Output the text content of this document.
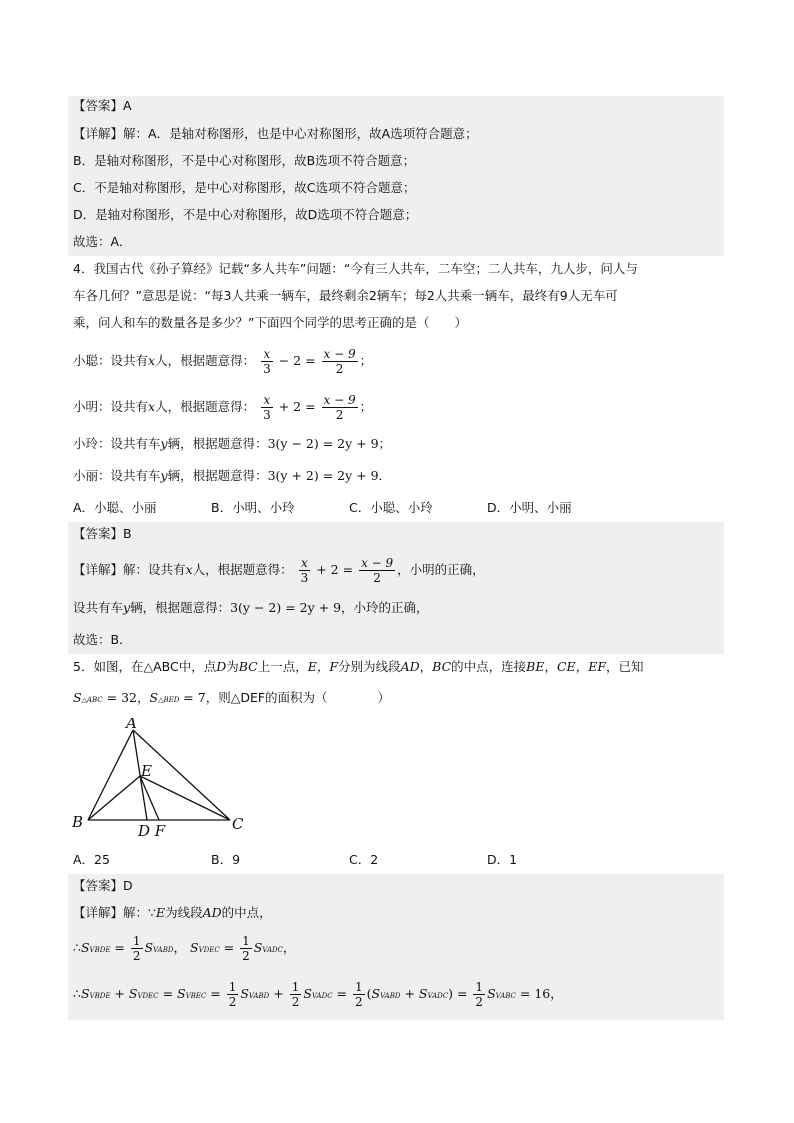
【答案】A
【详解】解：A．是轴对称图形，也是中心对称图形，故A选项符合题意；
B．是轴对称图形，不是中心对称图形，故B选项不符合题意；
C．不是轴对称图形，是中心对称图形，故C选项不符合题意；
D．是轴对称图形，不是中心对称图形，故D选项不符合题意；
故选：A．
4．我国古代《孙子算经》记载“多人共车”问题：“今有三人共车，二车空；二人共车，九人步，问人与
车各几何？”意思是说：“每3人共乘一辆车，最终剩余2辆车；每2人共乘一辆车，最终有9人无车可
乘，问人和车的数量各是多少？”下面四个同学的思考正确的是（　　）
小聪：设共有x人，根据题意得： $\frac{x}{3} - 2 = \frac{x - 9}{2}$ ；
小明：设共有x人，根据题意得： $\frac{x}{3} + 2 = \frac{x - 9}{2}$ ；
小玲：设共有车y辆，根据题意得：3(y − 2) = 2y + 9；
小丽：设共有车y辆，根据题意得：3(y + 2) = 2y + 9．
A．小聪、小丽	B．小明、小玲	C．小聪、小玲	D．小明、小丽
【答案】B
【详解】解：设共有x人，根据题意得： $\frac{x}{3} + 2 = \frac{x - 9}{2}$ ，小明的正确，
设共有车y辆，根据题意得：3(y − 2) = 2y + 9，小玲的正确，
故选：B．
5．如图，在△ABC中，点D为BC上一点，E，F分别为线段AD，BC的中点，连接BE，CE，EF，已知
S△ABC = 32，S△BED = 7，则△DEF的面积为（　　　　）
A
E
B	C
D F
A．25	B．9	C．2	D．1
【答案】D
【详解】解：∵E为线段AD的中点，
∴SVBDE = $\frac{1}{2}$ SVABD， SVDEC = $\frac{1}{2}$ SVADC，
∴SVBDE + SVDEC = SVBEC = $\frac{1}{2}$ SVABD + $\frac{1}{2}$ SVADC = $\frac{1}{2}$ (SVABD + SVADC) = $\frac{1}{2}$ SVABC = 16，
